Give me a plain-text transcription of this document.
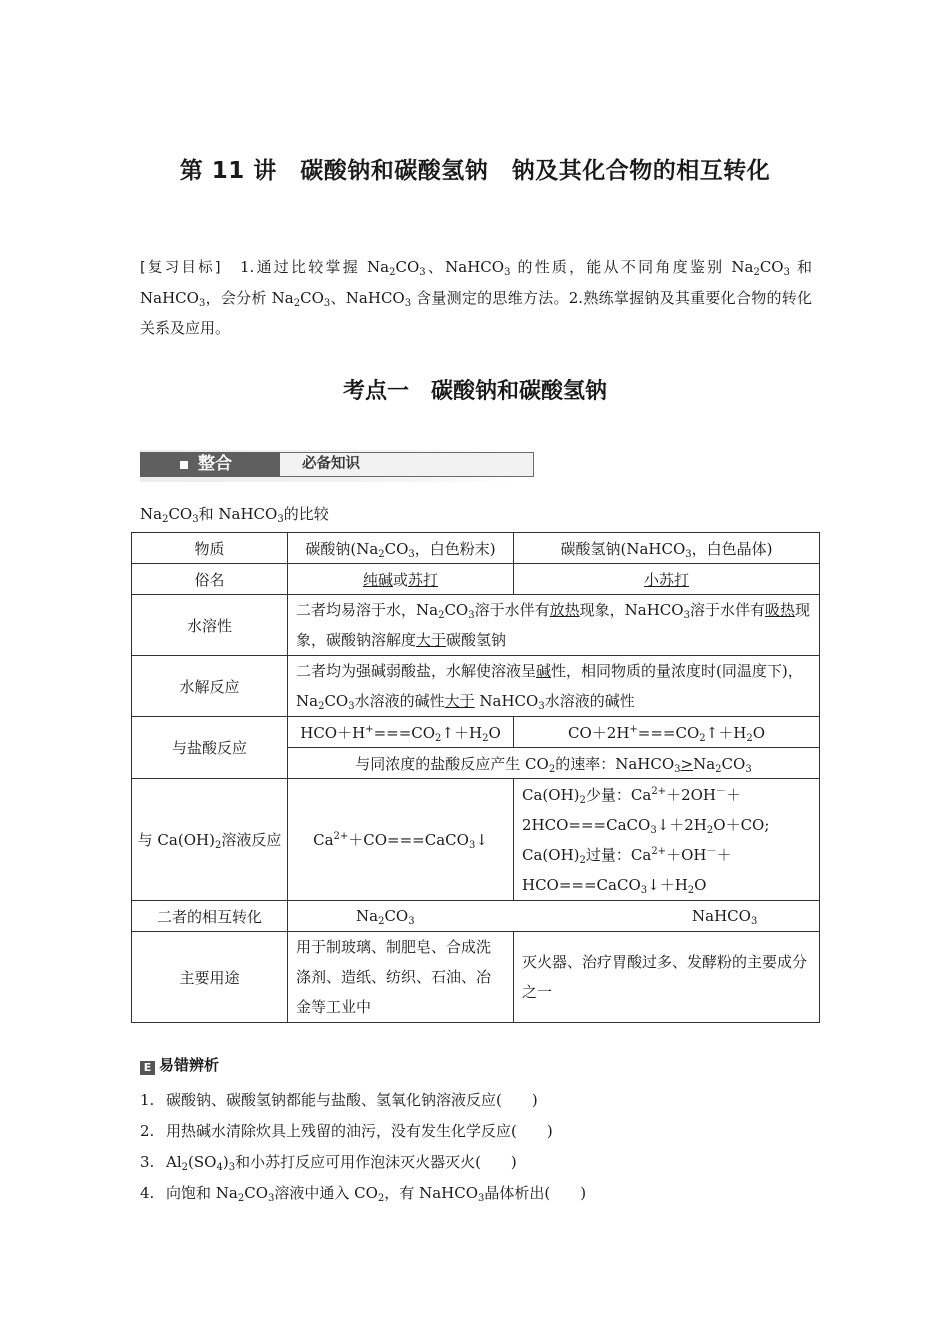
第 11 讲　碳酸钠和碳酸氢钠　钠及其化合物的相互转化
[复习目标]　1.通过比较掌握 $Na_2CO_3$、NaHCO$_3$ 的性质，能从不同角度鉴别 $Na_2CO_3$ 和 NaHCO$_3$，会分析 $Na_2CO_3$、NaHCO$_3$ 含量测定的思维方法。2.熟练掌握钠及其重要化合物的转化关系及应用。
考点一　碳酸钠和碳酸氢钠
整合	必备知识
$Na_2CO_3$和 NaHCO$_3$的比较
物质	碳酸钠($Na_2CO_3$，白色粉末)	碳酸氢钠(NaHCO$_3$，白色晶体)
俗名	纯碱或苏打	小苏打
水溶性	二者均易溶于水，$Na_2CO_3$溶于水伴有放热现象，NaHCO$_3$溶于水伴有吸热现象，碳酸钠溶解度大于碳酸氢钠	
水解反应	二者均为强碱弱酸盐，水解使溶液呈碱性，相同物质的量浓度时(同温度下)，$Na_2CO_3$水溶液的碱性大于 NaHCO$_3$水溶液的碱性	
与盐酸反应	$HCO+H^+===CO_2↑+H_2O$	$CO+2H^+===CO_2↑+H_2O$
	与同浓度的盐酸反应产生 $CO_2$的速率：$NaHCO_3>Na_2CO_3$
与 $Ca(OH)_2$溶液反应	$Ca^{2+}+CO===CaCO_3↓$	$Ca(OH)_2$少量：$Ca^{2+}+2OH^-+$
$2HCO===CaCO_3↓+2H_2O+CO$;
$Ca(OH)_2$过量：$Ca^{2+}+OH^-+$
$HCO===CaCO_3↓+H_2O$

二者的相互转化	$Na_2CO_3$ NaHCO$_3$

主要用途	用于制玻璃、制肥皂、合成洗涤剂、造纸、纺织、石油、冶金等工业中	灭火器、治疗胃酸过多、发酵粉的主要成分之一
E 易错辨析
1. 碳酸钠、碳酸氢钠都能与盐酸、氢氧化钠溶液反应(　　)
2. 用热碱水清除炊具上残留的油污，没有发生化学反应(　　)
3. $Al_2(SO_4)_3$和小苏打反应可用作泡沫灭火器灭火(　　)
4. 向饱和 $Na_2CO_3$溶液中通入 $CO_2$，有 NaHCO$_3$晶体析出(　　)
